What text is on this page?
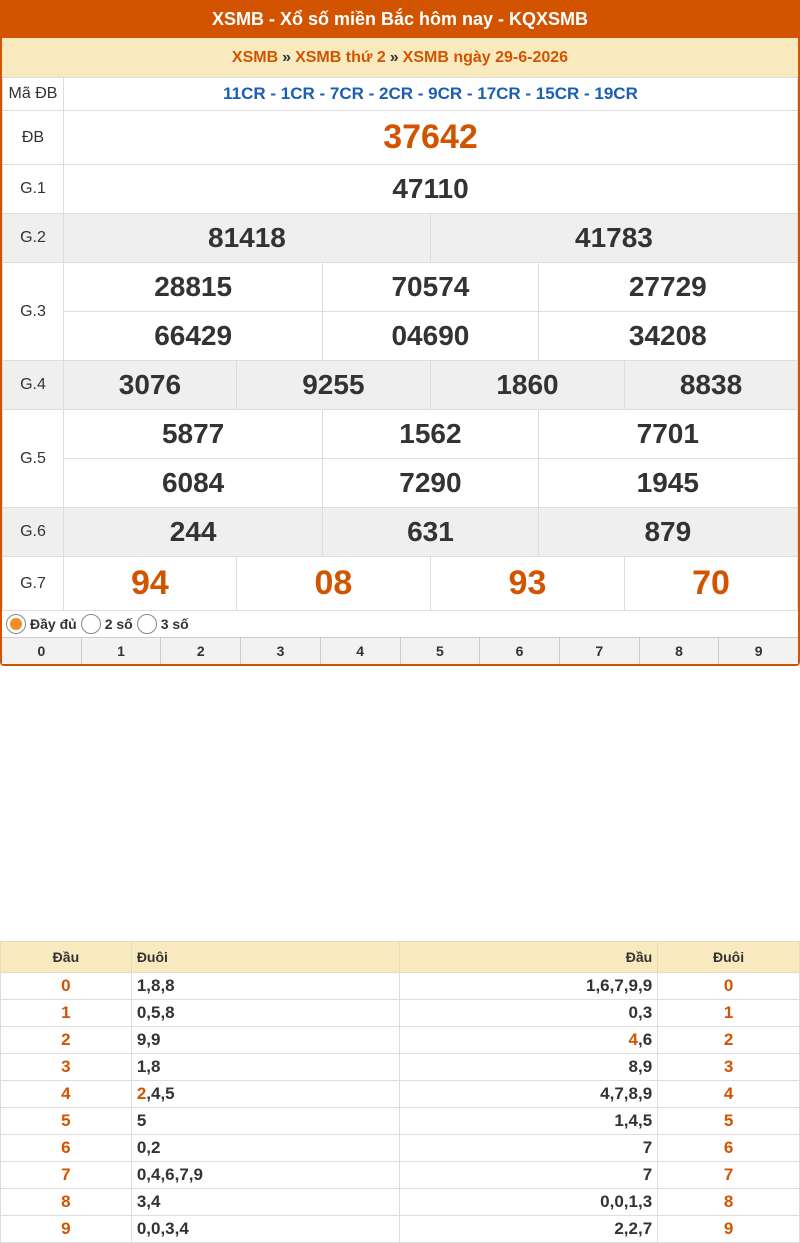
XSMB - Xổ số miền Bắc hôm nay - KQXSMB
XSMB » XSMB thứ 2 » XSMB ngày 29-6-2026
Mã ĐB	11CR - 1CR - 7CR - 2CR - 9CR - 17CR - 15CR - 19CR					
ĐB	37642					
G.1	47110					
G.2	81418			41783		
G.3	28815		70574		27729	
	66429		04690		34208	
G.4	3076	9255		1860		8838
G.5	5877		1562		7701	
	6084		7290		1945	
G.6	244		631		879	
G.7	94	08		93		70
Đầy đủ 2 số 3 số
0	1	2	3	4	5	6	7	8	9
Đầu	Đuôi	Đầu	Đuôi
0	1,8,8	1,6,7,9,9	0
1	0,5,8	0,3	1
2	9,9	4,6	2
3	1,8	8,9	3
4	2,4,5	4,7,8,9	4
5	5	1,4,5	5
6	0,2	7	6
7	0,4,6,7,9	7	7
8	3,4	0,0,1,3	8
9	0,0,3,4	2,2,7	9
